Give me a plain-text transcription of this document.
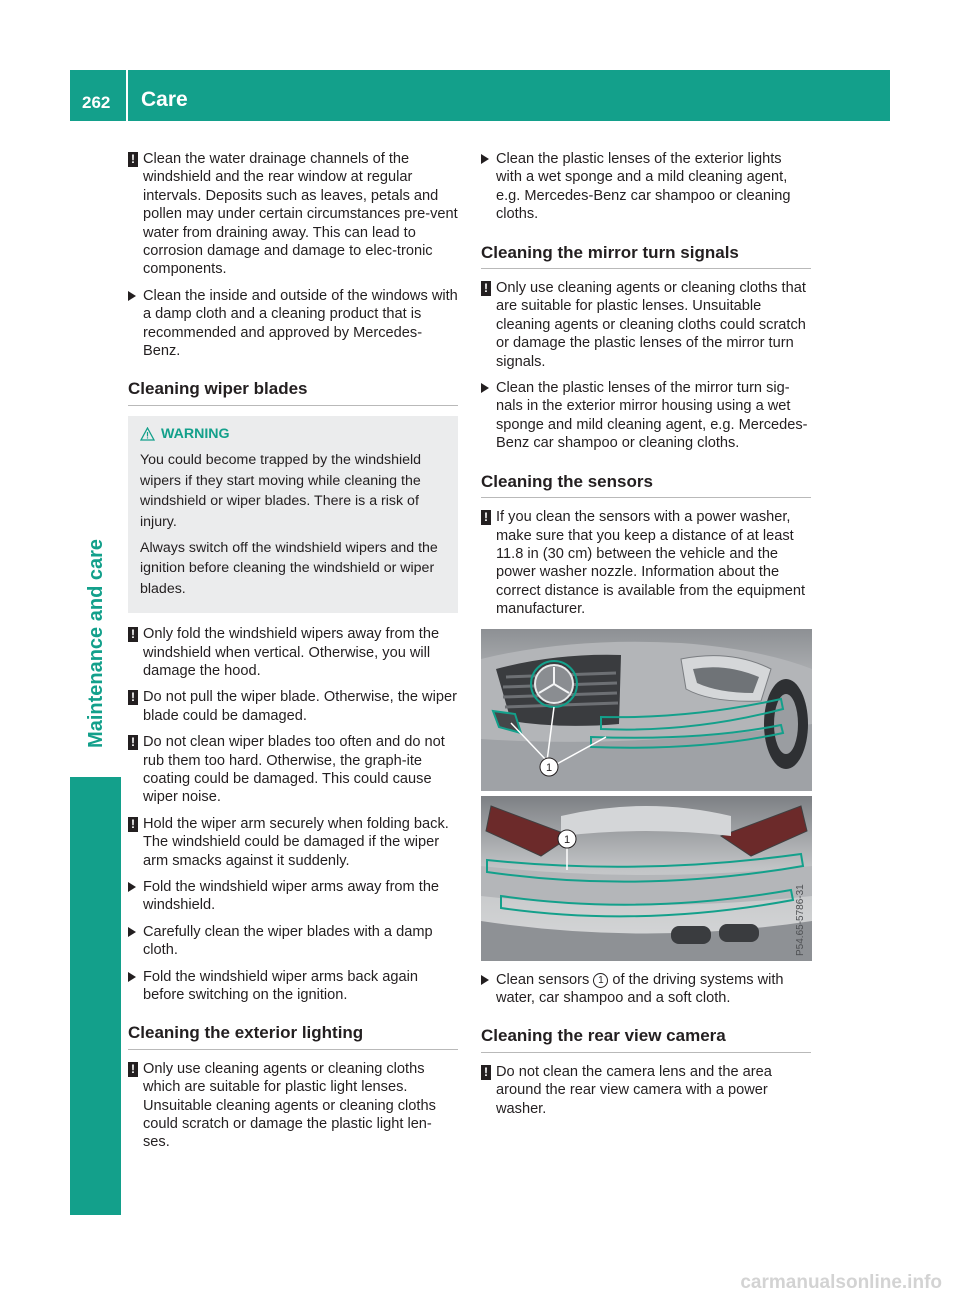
262 Care
Maintenance and care
! Clean the water drainage channels of the windshield and the rear window at regular intervals. Deposits such as leaves, petals and pollen may under certain circumstances pre-vent water from draining away. This can lead to corrosion damage and damage to elec-tronic components.
Clean the inside and outside of the windows with a damp cloth and a cleaning product that is recommended and approved by Mercedes-Benz.
Cleaning wiper blades
WARNING

You could become trapped by the windshield wipers if they start moving while cleaning the windshield or wiper blades. There is a risk of injury.

Always switch off the windshield wipers and the ignition before cleaning the windshield or wiper blades.

! Only fold the windshield wipers away from the windshield when vertical. Otherwise, you will damage the hood.
! Do not pull the wiper blade. Otherwise, the wiper blade could be damaged.
! Do not clean wiper blades too often and do not rub them too hard. Otherwise, the graph-ite coating could be damaged. This could cause wiper noise.
! Hold the wiper arm securely when folding back. The windshield could be damaged if the wiper arm smacks against it suddenly.
Fold the windshield wiper arms away from the windshield.
Carefully clean the wiper blades with a damp cloth.
Fold the windshield wiper arms back again before switching on the ignition.
Cleaning the exterior lighting
! Only use cleaning agents or cleaning cloths which are suitable for plastic light lenses. Unsuitable cleaning agents or cleaning cloths could scratch or damage the plastic light len-ses.
Clean the plastic lenses of the exterior lights with a wet sponge and a mild cleaning agent, e.g. Mercedes-Benz car shampoo or cleaning cloths.
Cleaning the mirror turn signals
! Only use cleaning agents or cleaning cloths that are suitable for plastic lenses. Unsuitable cleaning agents or cleaning cloths could scratch or damage the plastic lenses of the mirror turn signals.
Clean the plastic lenses of the mirror turn sig-nals in the exterior mirror housing using a wet sponge and mild cleaning agent, e.g. Mercedes-Benz car shampoo or cleaning cloths.
Cleaning the sensors
! If you clean the sensors with a power washer, make sure that you keep a distance of at least 11.8 in (30 cm) between the vehicle and the power washer nozzle. Information about the correct distance is available from the equipment manufacturer.
1
1
P54.65-5786-31
Clean sensors 1 of the driving systems with water, car shampoo and a soft cloth.
Cleaning the rear view camera
! Do not clean the camera lens and the area around the rear view camera with a power washer.
carmanualsonline.info
